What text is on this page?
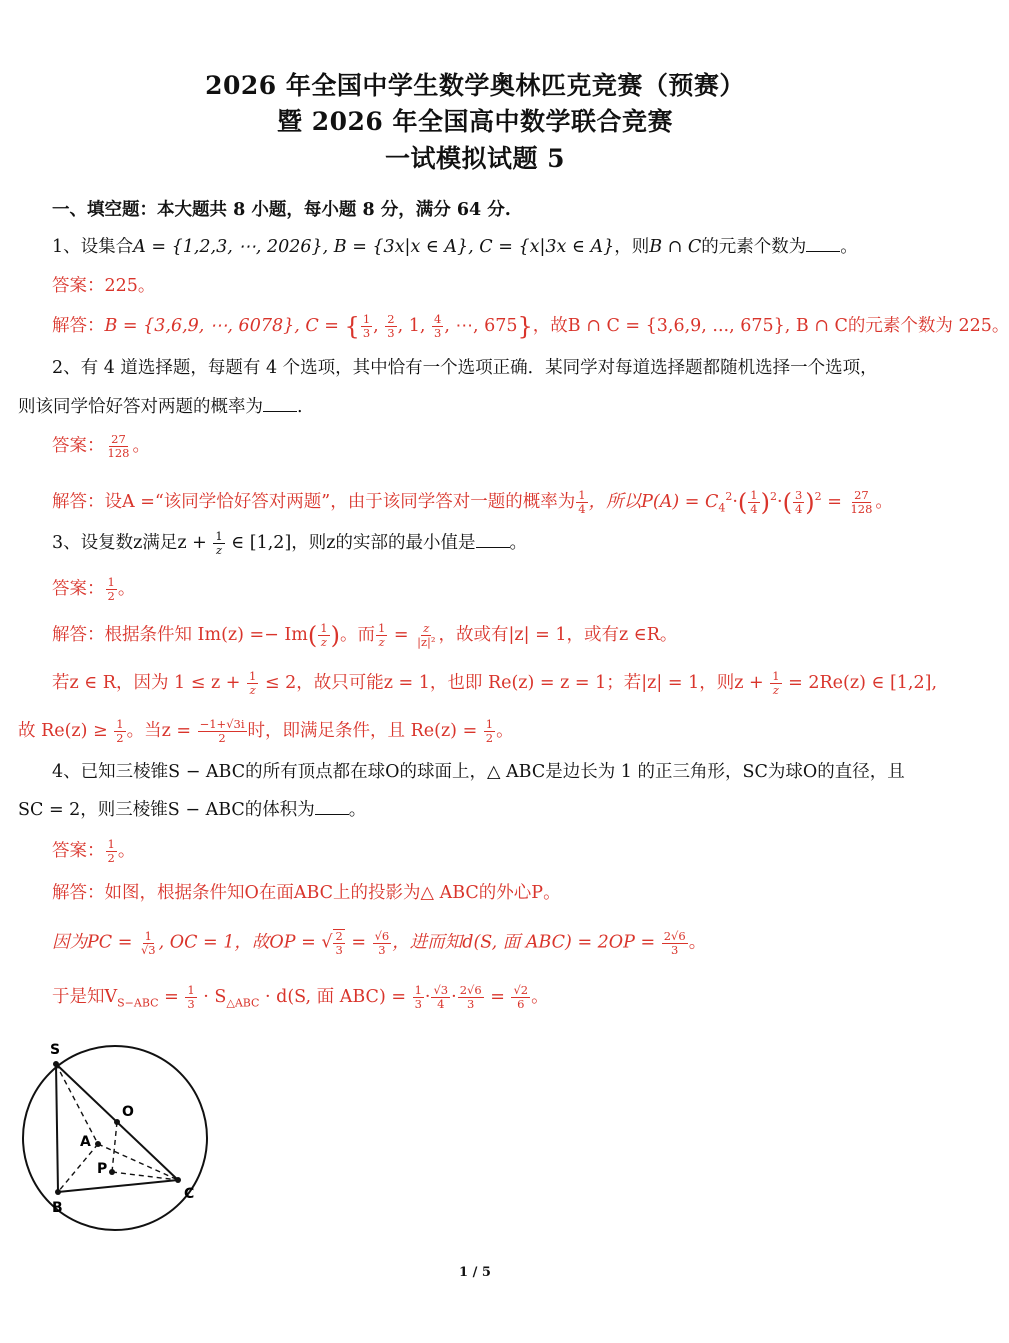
2026 年全国中学生数学奥林匹克竞赛（预赛）
暨 2026 年全国高中数学联合竞赛
一试模拟试题 5
一、填空题：本大题共 8 小题，每小题 8 分，满分 64 分.
1、设集合A = {1,2,3, ⋯, 2026}, B = {3x|x ∈ A}, C = {x|3x ∈ A}，则B ∩ C的元素个数为 。
答案：225。
解答：B = {3,6,9, ⋯, 6078}, C = { $\frac{1}{3}$ , $\frac{2}{3}$ , 1, $\frac{4}{3}$ , ⋯, 675}，故B ∩ C = {3,6,9, ..., 675}, B ∩ C的元素个数为 225。
2、有 4 道选择题，每题有 4 个选项，其中恰有一个选项正确．某同学对每道选择题都随机选择一个选项，
则该同学恰好答对两题的概率为 .
答案： $\frac{27}{128}$ 。
解答：设A =“该同学恰好答对两题”，由于该同学答对一题的概率为 $\frac{1}{4}$ ，所以$P(A) = C_4^2\cdot( \frac{1}{4} )^2\cdot( \frac{3}{4} )^2 = \frac{27}{128}$ 。
3、设复数z满足$z + \frac{1}{z}$ ∈ [1,2]，则z的实部的最小值是 。
答案： $\frac{1}{2}$ 。
解答：根据条件知 $Im(z) =- Im( \frac{1}{z}$ )。而 $\frac{1}{z} = \frac{z}{\text{|z|²}}$ ，故或有|z| = 1，或有z ∈R。
若z ∈ R，因为 $1 \le z + \frac{1}{z} \le 2$，故只可能z = 1，也即 Re(z) = z = 1；若|z| = 1，则$z + \frac{1}{z} = 2Re(z)$ ∈ [1,2],
故 $Re(z) \ge \frac{1}{2}$ 。当$z = \frac{-1+√3i}{2}$ 时，即满足条件，且 $Re(z) = \frac{1}{2}$ 。
4、已知三棱锥S − ABC的所有顶点都在球O的球面上，△ ABC是边长为 1 的正三角形，SC为球O的直径，且
SC = 2，则三棱锥S − ABC的体积为 。
答案： $\frac{1}{2}$ 。
解答：如图，根据条件知O在面ABC上的投影为△ ABC的外心P。
因为PC = $\frac{1}{√3}$ , OC = 1，故OP = √ $\frac{2}{3} = \frac{√6}{3}$ ，进而知d(S, 面 $ABC) = 2OP = \frac{2√6}{3}$ 。
于是知$V_{S-ABC} = \frac{1}{3} \cdot S_{\triangle ABC} \cdot d(S$, 面 $ABC) = \frac{1}{3} \cdot \frac{√3}{4} \cdot \frac{2√6}{3} = \frac{√2}{6}$ 。
S
O
A
P
B
C
1 / 5
